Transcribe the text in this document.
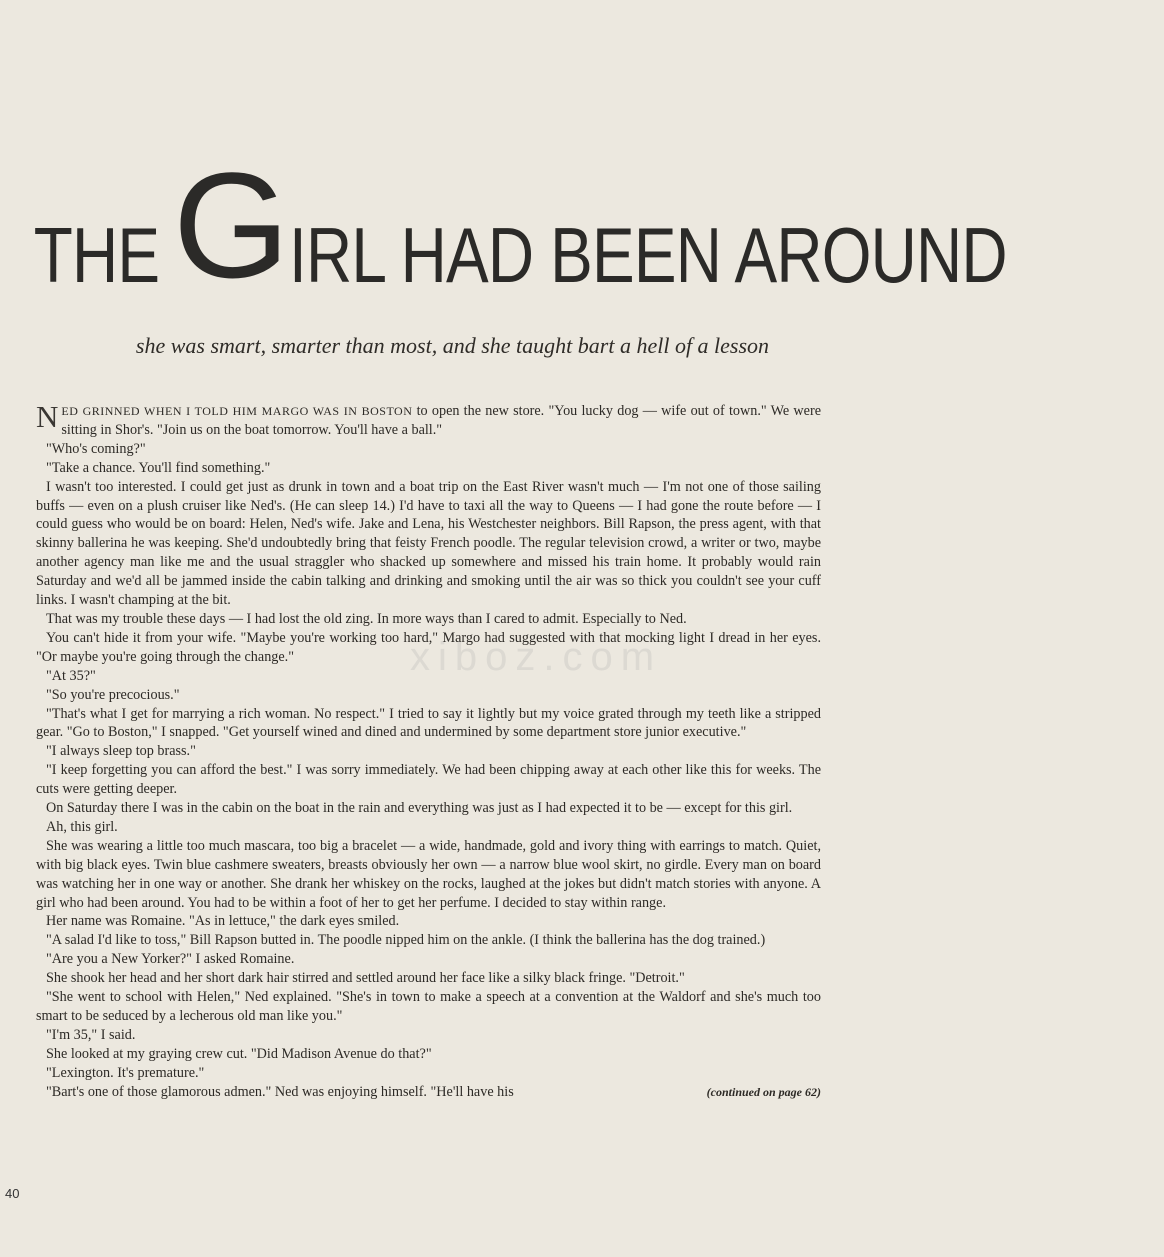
THEGIRL HAD BEEN AROUND
she was smart, smarter than most, and she taught bart a hell of a lesson
xiboz.com

NED GRINNED WHEN I TOLD HIM MARGO WAS IN BOSTON to open the new store. "You lucky dog — wife out of town." We were sitting in Shor's. "Join us on the boat tomorrow. You'll have a ball."

"Who's coming?"

"Take a chance. You'll find something."

I wasn't too interested. I could get just as drunk in town and a boat trip on the East River wasn't much — I'm not one of those sailing buffs — even on a plush cruiser like Ned's. (He can sleep 14.) I'd have to taxi all the way to Queens — I had gone the route before — I could guess who would be on board: Helen, Ned's wife. Jake and Lena, his Westchester neighbors. Bill Rapson, the press agent, with that skinny ballerina he was keeping. She'd undoubtedly bring that feisty French poodle. The regular television crowd, a writer or two, maybe another agency man like me and the usual straggler who shacked up somewhere and missed his train home. It probably would rain Saturday and we'd all be jammed inside the cabin talking and drinking and smoking until the air was so thick you couldn't see your cuff links. I wasn't champing at the bit.

That was my trouble these days — I had lost the old zing. In more ways than I cared to admit. Especially to Ned.

You can't hide it from your wife. "Maybe you're working too hard," Margo had suggested with that mocking light I dread in her eyes. "Or maybe you're going through the change."

"At 35?"

"So you're precocious."

"That's what I get for marrying a rich woman. No respect." I tried to say it lightly but my voice grated through my teeth like a stripped gear. "Go to Boston," I snapped. "Get yourself wined and dined and undermined by some department store junior executive."

"I always sleep top brass."

"I keep forgetting you can afford the best." I was sorry immediately. We had been chipping away at each other like this for weeks. The cuts were getting deeper.

On Saturday there I was in the cabin on the boat in the rain and everything was just as I had expected it to be — except for this girl.

Ah, this girl.

She was wearing a little too much mascara, too big a bracelet — a wide, handmade, gold and ivory thing with earrings to match. Quiet, with big black eyes. Twin blue cashmere sweaters, breasts obviously her own — a narrow blue wool skirt, no girdle. Every man on board was watching her in one way or another. She drank her whiskey on the rocks, laughed at the jokes but didn't match stories with anyone. A girl who had been around. You had to be within a foot of her to get her perfume. I decided to stay within range.

Her name was Romaine. "As in lettuce," the dark eyes smiled.

"A salad I'd like to toss," Bill Rapson butted in. The poodle nipped him on the ankle. (I think the ballerina has the dog trained.)

"Are you a New Yorker?" I asked Romaine.

She shook her head and her short dark hair stirred and settled around her face like a silky black fringe. "Detroit."

"She went to school with Helen," Ned explained. "She's in town to make a speech at a convention at the Waldorf and she's much too smart to be seduced by a lecherous old man like you."

"I'm 35," I said.

She looked at my graying crew cut. "Did Madison Avenue do that?"

"Lexington. It's premature."

"Bart's one of those glamorous admen." Ned was enjoying himself. "He'll have his	(continued on page 62)

40
